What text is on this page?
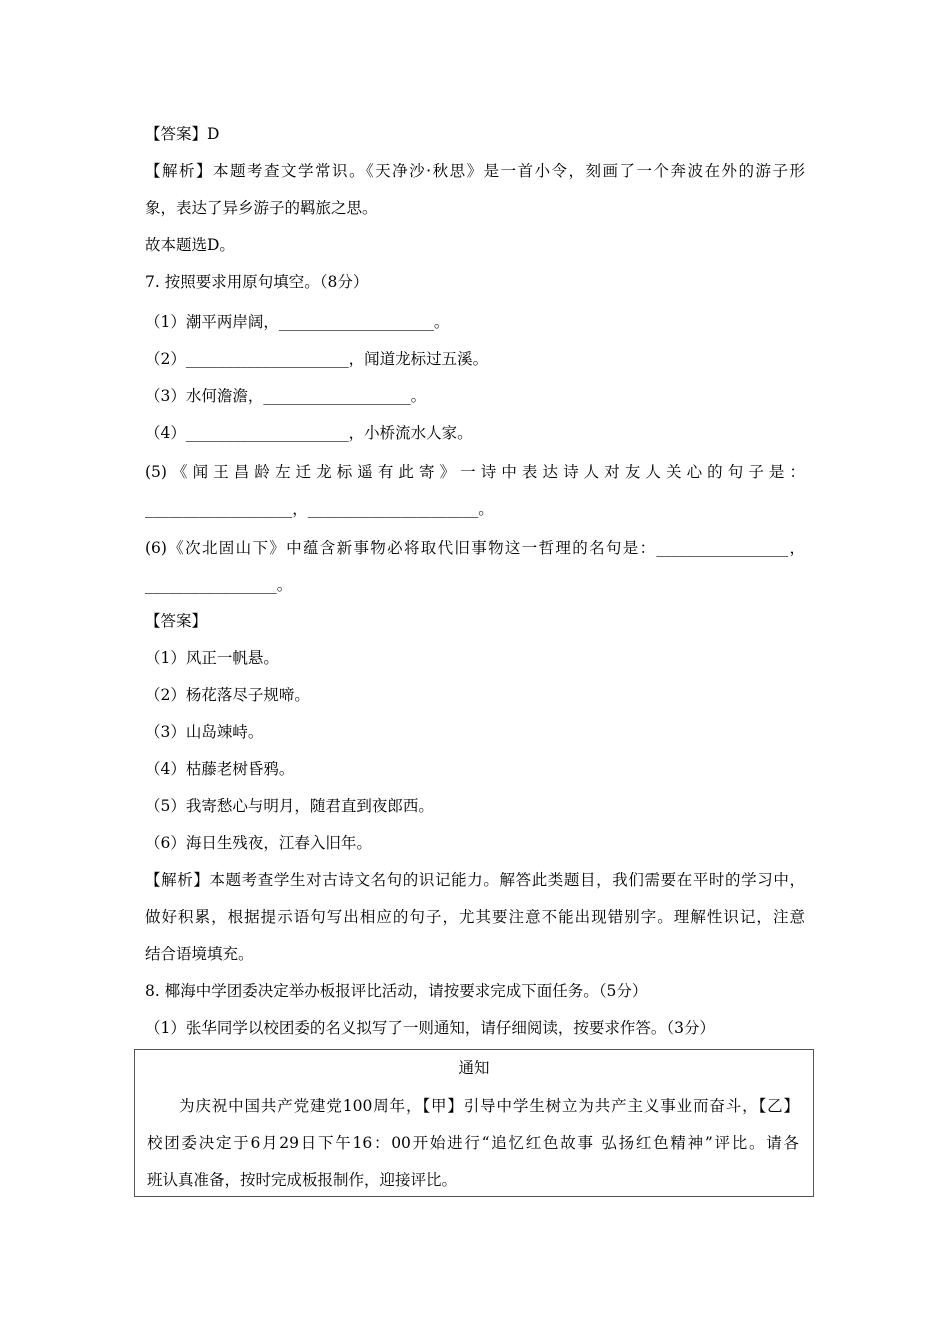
【答案】D
【解析】本题考查文学常识。《天净沙·秋思》是一首小令，刻画了一个奔波在外的游子形
象，表达了异乡游子的羁旅之思。
故本题选D。
7. 按照要求用原句填空。（8分）
（1）潮平两岸阔，____________________。
（2）_____________________，闻道龙标过五溪。
（3）水何澹澹，___________________。
（4）_____________________，小桥流水人家。
(5)《闻王昌龄左迁龙标遥有此寄》一诗中表达诗人对友人关心的句子是：
___________________，______________________。
(6)《次北固山下》中蕴含新事物必将取代旧事物这一哲理的名句是：_________________，
_________________。
【答案】
（1）风正一帆悬。
（2）杨花落尽子规啼。
（3）山岛竦峙。
（4）枯藤老树昏鸦。
（5）我寄愁心与明月，随君直到夜郎西。
（6）海日生残夜，江春入旧年。
【解析】本题考查学生对古诗文名句的识记能力。解答此类题目，我们需要在平时的学习中，
做好积累，根据提示语句写出相应的句子，尤其要注意不能出现错别字。理解性识记，注意
结合语境填充。
8. 椰海中学团委决定举办板报评比活动，请按要求完成下面任务。（5分）
（1）张华同学以校团委的名义拟写了一则通知，请仔细阅读，按要求作答。（3分）
通知
为庆祝中国共产党建党100周年，【甲】引导中学生树立为共产主义事业而奋斗，【乙】
校团委决定于6月29日下午16：00开始进行“追忆红色故事 弘扬红色精神”评比。请各
班认真准备，按时完成板报制作，迎接评比。
